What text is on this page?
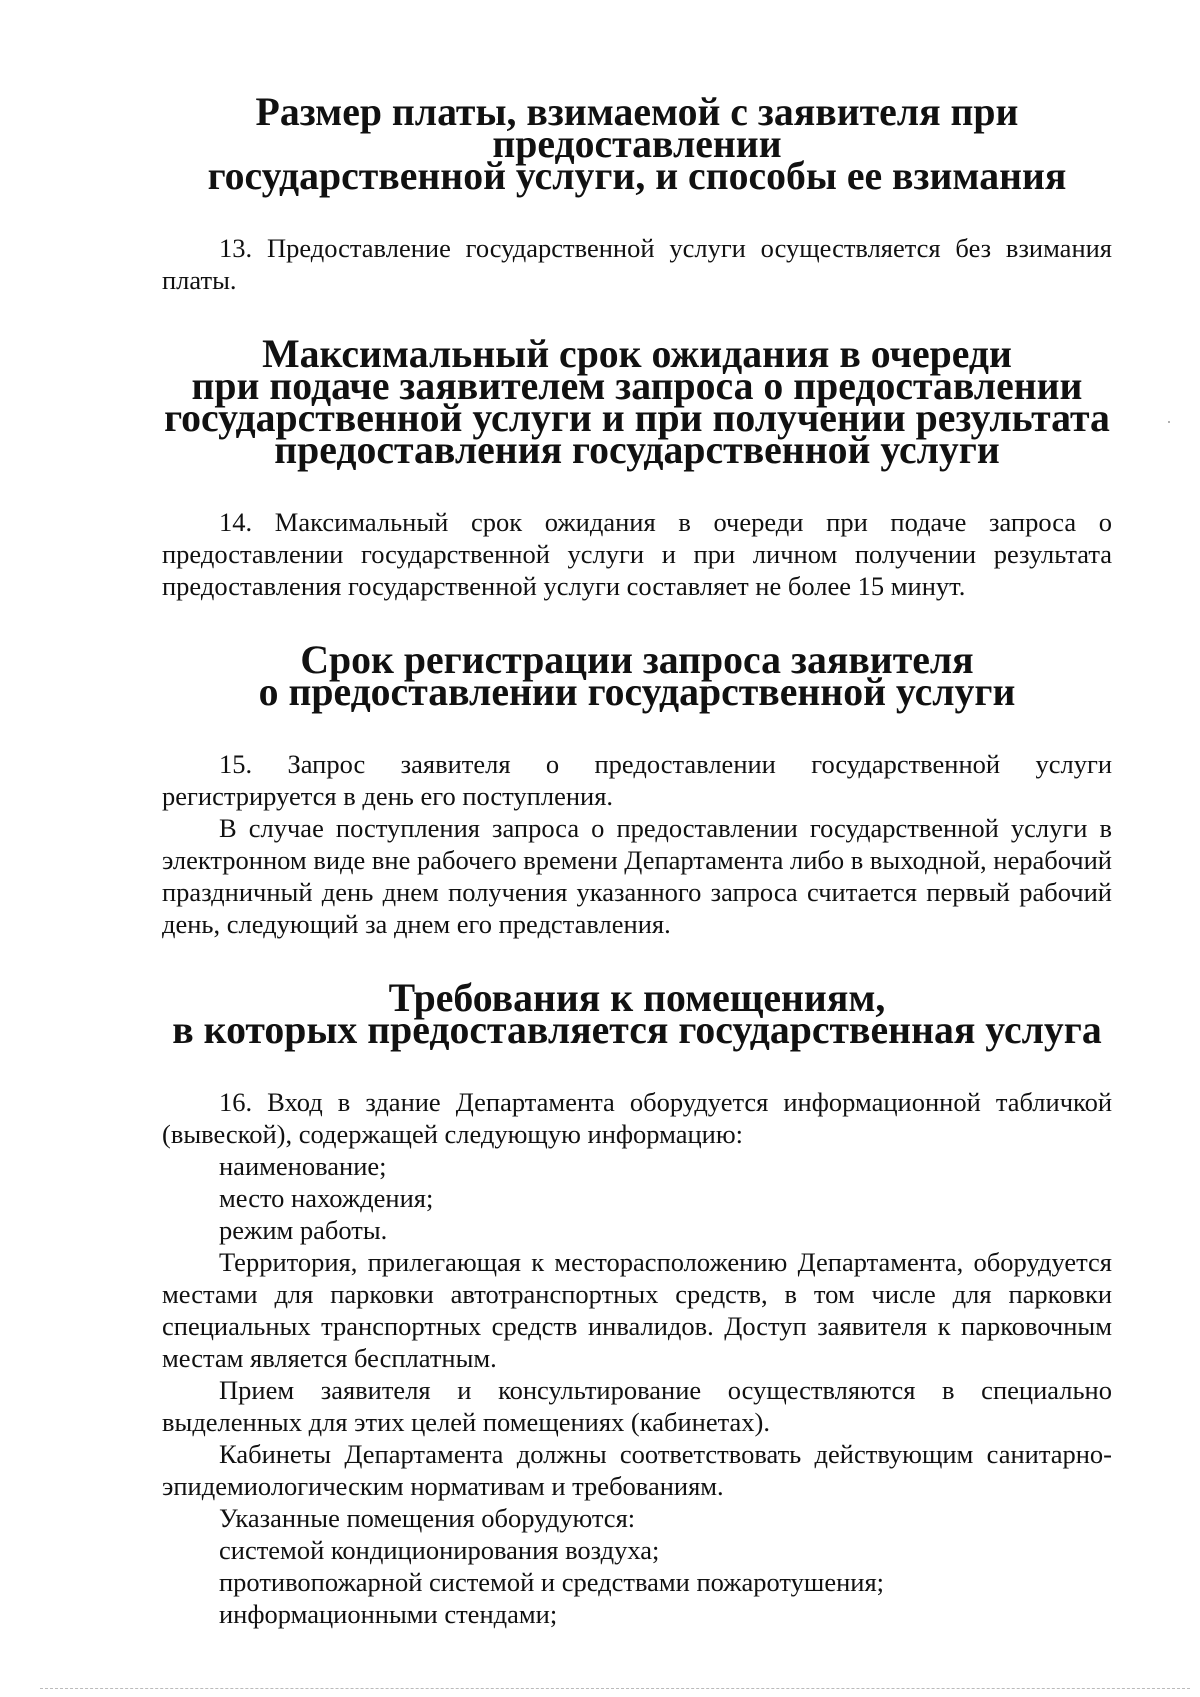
Размер платы, взимаемой с заявителя при предоставлении
государственной услуги, и способы ее взимания

13. Предоставление государственной услуги осуществляется без взимания платы.

Максимальный срок ожидания в очереди
при подаче заявителем запроса о предоставлении
государственной услуги и при получении результата
предоставления государственной услуги

14. Максимальный срок ожидания в очереди при подаче запроса о предоставлении государственной услуги и при личном получении результата предоставления государственной услуги составляет не более 15 минут.

Срок регистрации запроса заявителя
о предоставлении государственной услуги

15. Запрос заявителя о предоставлении государственной услуги регистрируется в день его поступления.

В случае поступления запроса о предоставлении государственной услуги в электронном виде вне рабочего времени Департамента либо в выходной, нерабочий праздничный день днем получения указанного запроса считается первый рабочий день, следующий за днем его представления.

Требования к помещениям,
в которых предоставляется государственная услуга

16. Вход в здание Департамента оборудуется информационной табличкой (вывеской), содержащей следующую информацию:

наименование;

место нахождения;

режим работы.

Территория, прилегающая к месторасположению Департамента, оборудуется местами для парковки автотранспортных средств, в том числе для парковки специальных транспортных средств инвалидов. Доступ заявителя к парковочным местам является бесплатным.

Прием заявителя и консультирование осуществляются в специально выделенных для этих целей помещениях (кабинетах).

Кабинеты Департамента должны соответствовать действующим санитарно-эпидемиологическим нормативам и требованиям.

Указанные помещения оборудуются:

системой кондиционирования воздуха;

противопожарной системой и средствами пожаротушения;

информационными стендами;
